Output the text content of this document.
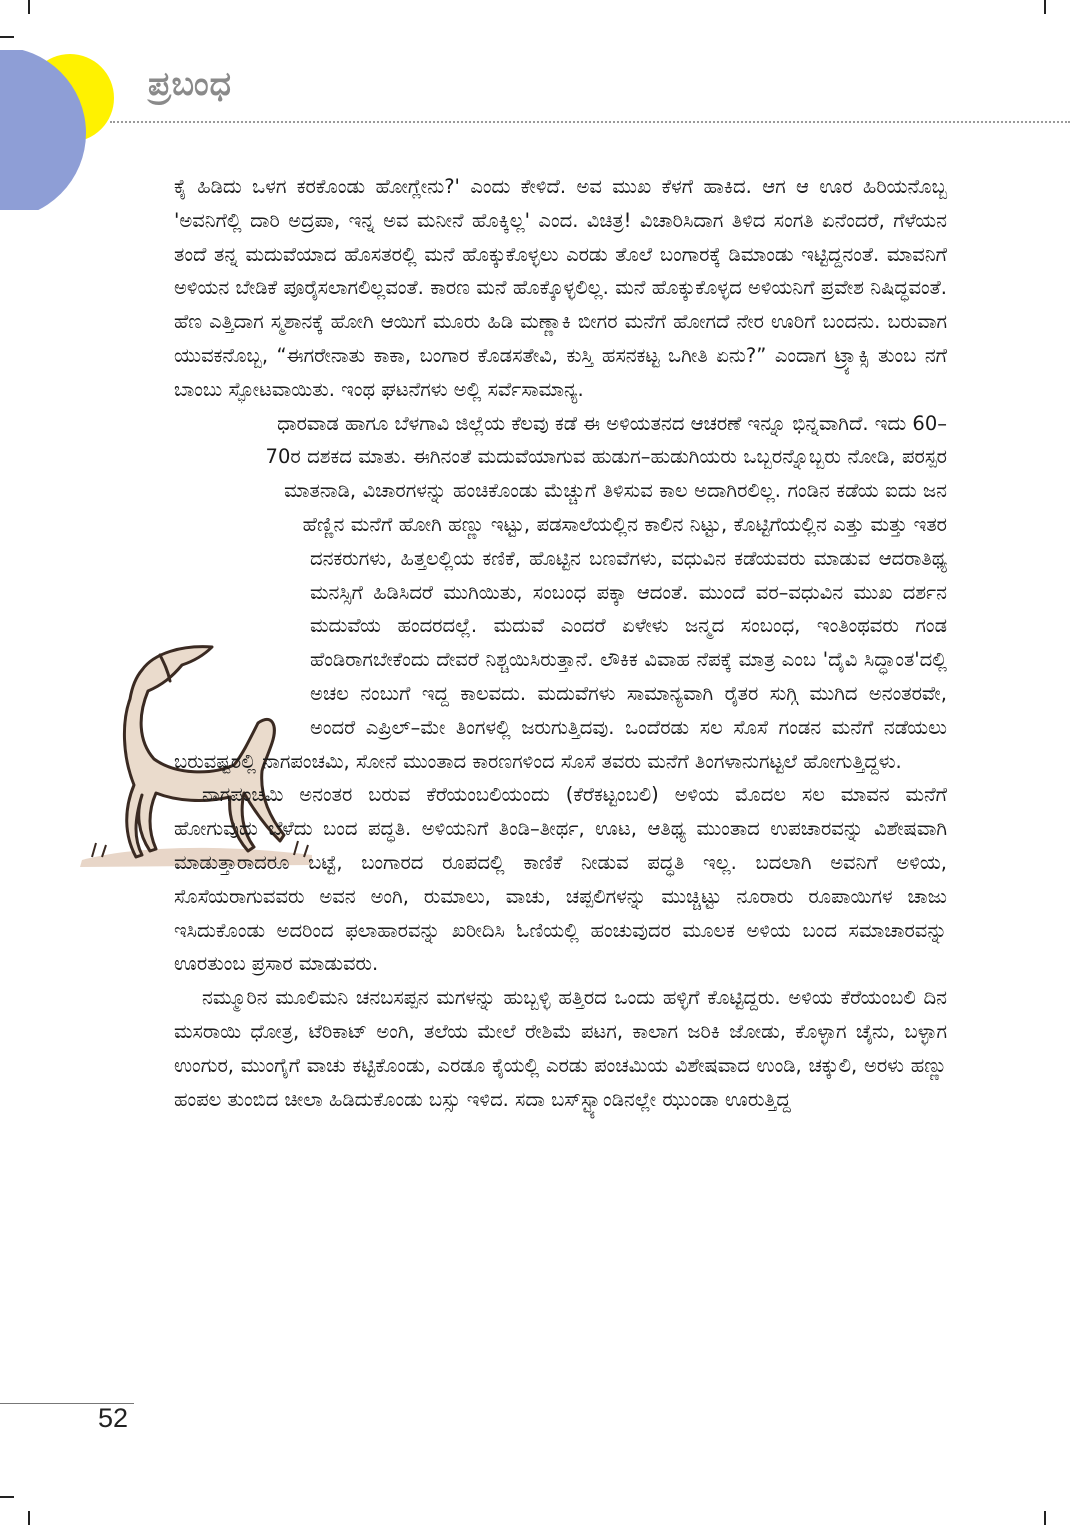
ಪ್ರಬಂಧ

ಕೈ ಹಿಡಿದು ಒಳಗ ಕರಕೊಂಡು ಹೋಗ್ಲೇನು?' ಎಂದು ಕೇಳಿದೆ. ಅವ ಮುಖ ಕೆಳಗೆ ಹಾಕಿದ. ಆಗ ಆ ಊರ ಹಿರಿಯನೊಬ್ಬ 'ಅವನಿಗೆಲ್ಲಿ ದಾರಿ ಅದ್ರಪಾ, ಇನ್ನ ಅವ ಮನೀನೆ ಹೊಕ್ಕಿಲ್ಲ' ಎಂದ. ವಿಚಿತ್ರ! ವಿಚಾರಿಸಿದಾಗ ತಿಳಿದ ಸಂಗತಿ ಏನೆಂದರೆ, ಗೆಳೆಯನ ತಂದೆ ತನ್ನ ಮದುವೆಯಾದ ಹೊಸತರಲ್ಲಿ ಮನೆ ಹೊಕ್ಕುಕೊಳ್ಳಲು ಎರಡು ತೊಲೆ ಬಂಗಾರಕ್ಕೆ ಡಿಮಾಂಡು ಇಟ್ಟಿದ್ದನಂತೆ. ಮಾವನಿಗೆ ಅಳಿಯನ ಬೇಡಿಕೆ ಪೂರೈಸಲಾಗಲಿಲ್ಲವಂತೆ. ಕಾರಣ ಮನೆ ಹೊಕ್ಕೊಳ್ಳಲಿಲ್ಲ. ಮನೆ ಹೊಕ್ಕುಕೊಳ್ಳದ ಅಳಿಯನಿಗೆ ಪ್ರವೇಶ ನಿಷಿದ್ಧವಂತೆ. ಹೆಣ ಎತ್ತಿದಾಗ ಸ್ಮಶಾನಕ್ಕೆ ಹೋಗಿ ಆಯಿಗೆ ಮೂರು ಹಿಡಿ ಮಣ್ಣಾಕಿ ಬೀಗರ ಮನೆಗೆ ಹೋಗದೆ ನೇರ ಊರಿಗೆ ಬಂದನು. ಬರುವಾಗ ಯುವಕನೊಬ್ಬ, “ಈಗರೇನಾತು ಕಾಕಾ, ಬಂಗಾರ ಕೊಡಸತೇವಿ, ಕುಸ್ತಿ ಹಸನಕಟ್ಟ ಒಗೀತಿ ಏನು?” ಎಂದಾಗ ಟ್ರ್ಯಾಕ್ಸಿ ತುಂಬ ನಗೆ ಬಾಂಬು ಸ್ಫೋಟವಾಯಿತು. ಇಂಥ ಘಟನೆಗಳು ಅಲ್ಲಿ ಸರ್ವೆಸಾಮಾನ್ಯ.

ಧಾರವಾಡ ಹಾಗೂ ಬೆಳಗಾವಿ ಜಿಲ್ಲೆಯ ಕೆಲವು ಕಡೆ ಈ ಅಳಿಯತನದ ಆಚರಣೆ ಇನ್ನೂ ಭಿನ್ನವಾಗಿದೆ. ಇದು 60–70ರ ದಶಕದ ಮಾತು. ಈಗಿನಂತೆ ಮದುವೆಯಾಗುವ ಹುಡುಗ–ಹುಡುಗಿಯರು ಒಬ್ಬರನ್ನೊಬ್ಬರು ನೋಡಿ, ಪರಸ್ಪರ ಮಾತನಾಡಿ, ವಿಚಾರಗಳನ್ನು ಹಂಚಿಕೊಂಡು ಮೆಚ್ಚುಗೆ ತಿಳಿಸುವ ಕಾಲ ಅದಾಗಿರಲಿಲ್ಲ. ಗಂಡಿನ ಕಡೆಯ ಐದು ಜನ ಹೆಣ್ಣಿನ ಮನೆಗೆ ಹೋಗಿ ಹಣ್ಣು ಇಟ್ಟು, ಪಡಸಾಲೆಯಲ್ಲಿನ ಕಾಲಿನ ನಿಟ್ಟು, ಕೊಟ್ಟಿಗೆಯಲ್ಲಿನ ಎತ್ತು ಮತ್ತು ಇತರ ದನಕರುಗಳು, ಹಿತ್ತಲಲ್ಲಿಯ ಕಣಿಕೆ, ಹೊಟ್ಟಿನ ಬಣವೆಗಳು, ವಧುವಿನ ಕಡೆಯವರು ಮಾಡುವ ಆದರಾತಿಥ್ಯ ಮನಸ್ಸಿಗೆ ಹಿಡಿಸಿದರೆ ಮುಗಿಯಿತು, ಸಂಬಂಧ ಪಕ್ಕಾ ಆದಂತೆ. ಮುಂದೆ ವರ–ವಧುವಿನ ಮುಖ ದರ್ಶನ ಮದುವೆಯ ಹಂದರದಲ್ಲೆ. ಮದುವೆ ಎಂದರೆ ಏಳೇಳು ಜನ್ಮದ ಸಂಬಂಧ, ಇಂತಿಂಥವರು ಗಂಡ ಹೆಂಡಿರಾಗಬೇಕೆಂದು ದೇವರೆ ನಿಶ್ಚಯಿಸಿರುತ್ತಾನೆ. ಲೌಕಿಕ ವಿವಾಹ ನೆಪಕ್ಕೆ ಮಾತ್ರ ಎಂಬ 'ದೈವಿ ಸಿದ್ಧಾಂತ'ದಲ್ಲಿ ಅಚಲ ನಂಬುಗೆ ಇದ್ದ ಕಾಲವದು. ಮದುವೆಗಳು ಸಾಮಾನ್ಯವಾಗಿ ರೈತರ ಸುಗ್ಗಿ ಮುಗಿದ ಅನಂತರವೇ, ಅಂದರೆ ಎಪ್ರಿಲ್–ಮೇ ತಿಂಗಳಲ್ಲಿ ಜರುಗುತ್ತಿದವು. ಒಂದೆರಡು ಸಲ ಸೊಸೆ ಗಂಡನ ಮನೆಗೆ ನಡೆಯಲು ಬರುವಷ್ಟರಲ್ಲಿ ನಾಗಪಂಚಮಿ, ಸೋನೆ ಮುಂತಾದ ಕಾರಣಗಳಿಂದ ಸೊಸೆ ತವರು ಮನೆಗೆ ತಿಂಗಳಾನುಗಟ್ಟಲೆ ಹೋಗುತ್ತಿದ್ದಳು.

ನಾಗಪಂಚಮಿ ಅನಂತರ ಬರುವ ಕೆರೆಯಂಬಲಿಯಂದು (ಕೆರೆಕಟ್ಟಂಬಲಿ) ಅಳಿಯ ಮೊದಲ ಸಲ ಮಾವನ ಮನೆಗೆ ಹೋಗುವುದು ಬೆಳೆದು ಬಂದ ಪದ್ಧತಿ. ಅಳಿಯನಿಗೆ ತಿಂಡಿ–ತೀರ್ಥ, ಊಟ, ಆತಿಥ್ಯ ಮುಂತಾದ ಉಪಚಾರವನ್ನು ವಿಶೇಷವಾಗಿ ಮಾಡುತ್ತಾರಾದರೂ ಬಟ್ಟೆ, ಬಂಗಾರದ ರೂಪದಲ್ಲಿ ಕಾಣಿಕೆ ನೀಡುವ ಪದ್ಧತಿ ಇಲ್ಲ. ಬದಲಾಗಿ ಅವನಿಗೆ ಅಳಿಯ, ಸೊಸೆಯರಾಗುವವರು ಅವನ ಅಂಗಿ, ರುಮಾಲು, ವಾಚು, ಚಪ್ಪಲಿಗಳನ್ನು ಮುಚ್ಚಿಟ್ಟು ನೂರಾರು ರೂಪಾಯಿಗಳ ಚಾಜು ಇಸಿದುಕೊಂಡು ಅದರಿಂದ ಫಲಾಹಾರವನ್ನು ಖರೀದಿಸಿ ಓಣಿಯಲ್ಲಿ ಹಂಚುವುದರ ಮೂಲಕ ಅಳಿಯ ಬಂದ ಸಮಾಚಾರವನ್ನು ಊರತುಂಬ ಪ್ರಸಾರ ಮಾಡುವರು.

ನಮ್ಮೂರಿನ ಮೂಲಿಮನಿ ಚನಬಸಪ್ಪನ ಮಗಳನ್ನು ಹುಬ್ಬಳ್ಳಿ ಹತ್ತಿರದ ಒಂದು ಹಳ್ಳಿಗೆ ಕೊಟ್ಟಿದ್ದರು. ಅಳಿಯ ಕೆರೆಯಂಬಲಿ ದಿನ ಮಸರಾಯಿ ಧೋತ್ರ, ಟೆರಿಕಾಟ್ ಅಂಗಿ, ತಲೆಯ ಮೇಲೆ ರೇಶಿಮೆ ಪಟಗ, ಕಾಲಾಗ ಜರಿಕಿ ಜೋಡು, ಕೊಳ್ಳಾಗ ಚೈನು, ಬಳ್ಳಾಗ ಉಂಗುರ, ಮುಂಗೈಗೆ ವಾಚು ಕಟ್ಟಿಕೊಂಡು, ಎರಡೂ ಕೈಯಲ್ಲಿ ಎರಡು ಪಂಚಮಿಯ ವಿಶೇಷವಾದ ಉಂಡಿ, ಚಕ್ಕುಲಿ, ಅರಳು ಹಣ್ಣು ಹಂಪಲ ತುಂಬಿದ ಚೀಲಾ ಹಿಡಿದುಕೊಂಡು ಬಸ್ಸು ಇಳಿದ. ಸದಾ ಬಸ್‌ಸ್ಟ್ಯಾಂಡಿನಲ್ಲೇ ಝುಂಡಾ ಊರುತ್ತಿದ್ದ

52
